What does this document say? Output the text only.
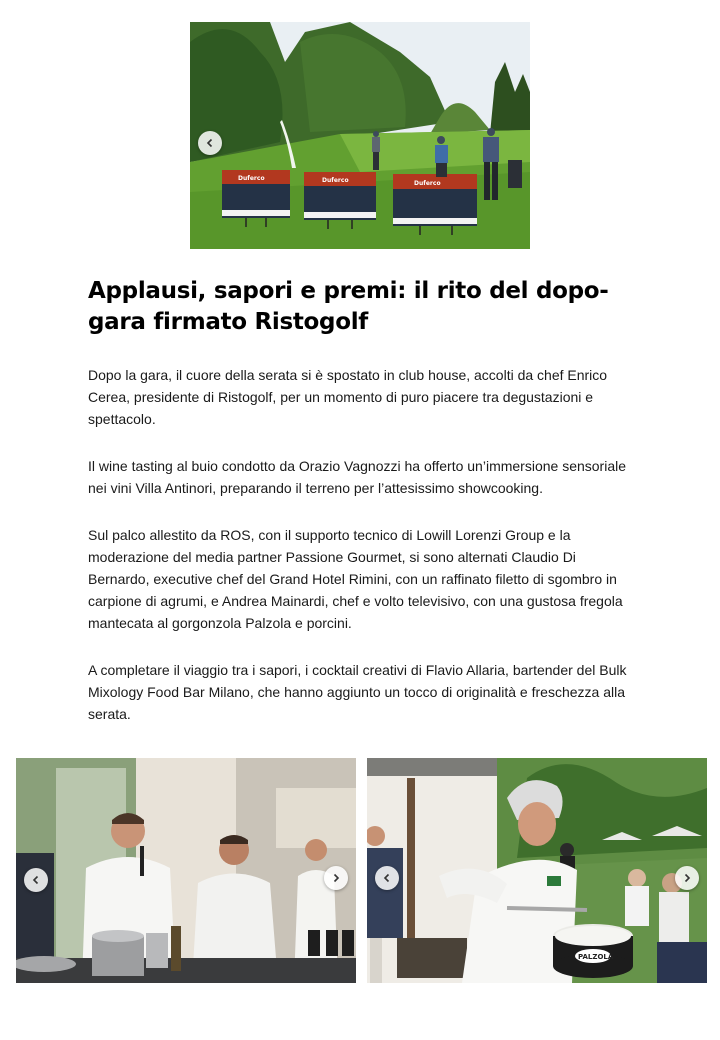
Duferco	Duferco	Duferco
Applausi, sapori e premi: il rito del dopo-gara firmato Ristogolf

Dopo la gara, il cuore della serata si è spostato in club house, accolti da chef Enrico Cerea, presidente di Ristogolf, per un momento di puro piacere tra degustazioni e spettacolo.

Il wine tasting al buio condotto da Orazio Vagnozzi ha offerto un’immersione sensoriale nei vini Villa Antinori, preparando il terreno per l’attesissimo showcooking.

Sul palco allestito da ROS, con il supporto tecnico di Lowill Lorenzi Group e la moderazione del media partner Passione Gourmet, si sono alternati Claudio Di Bernardo, executive chef del Grand Hotel Rimini, con un raffinato filetto di sgombro in carpione di agrumi, e Andrea Mainardi, chef e volto televisivo, con una gustosa fregola mantecata al gorgonzola Palzola e porcini.

A completare il viaggio tra i sapori, i cocktail creativi di Flavio Allaria, bartender del Bulk Mixology Food Bar Milano, che hanno aggiunto un tocco di originalità e freschezza alla serata.

PALZOLA
